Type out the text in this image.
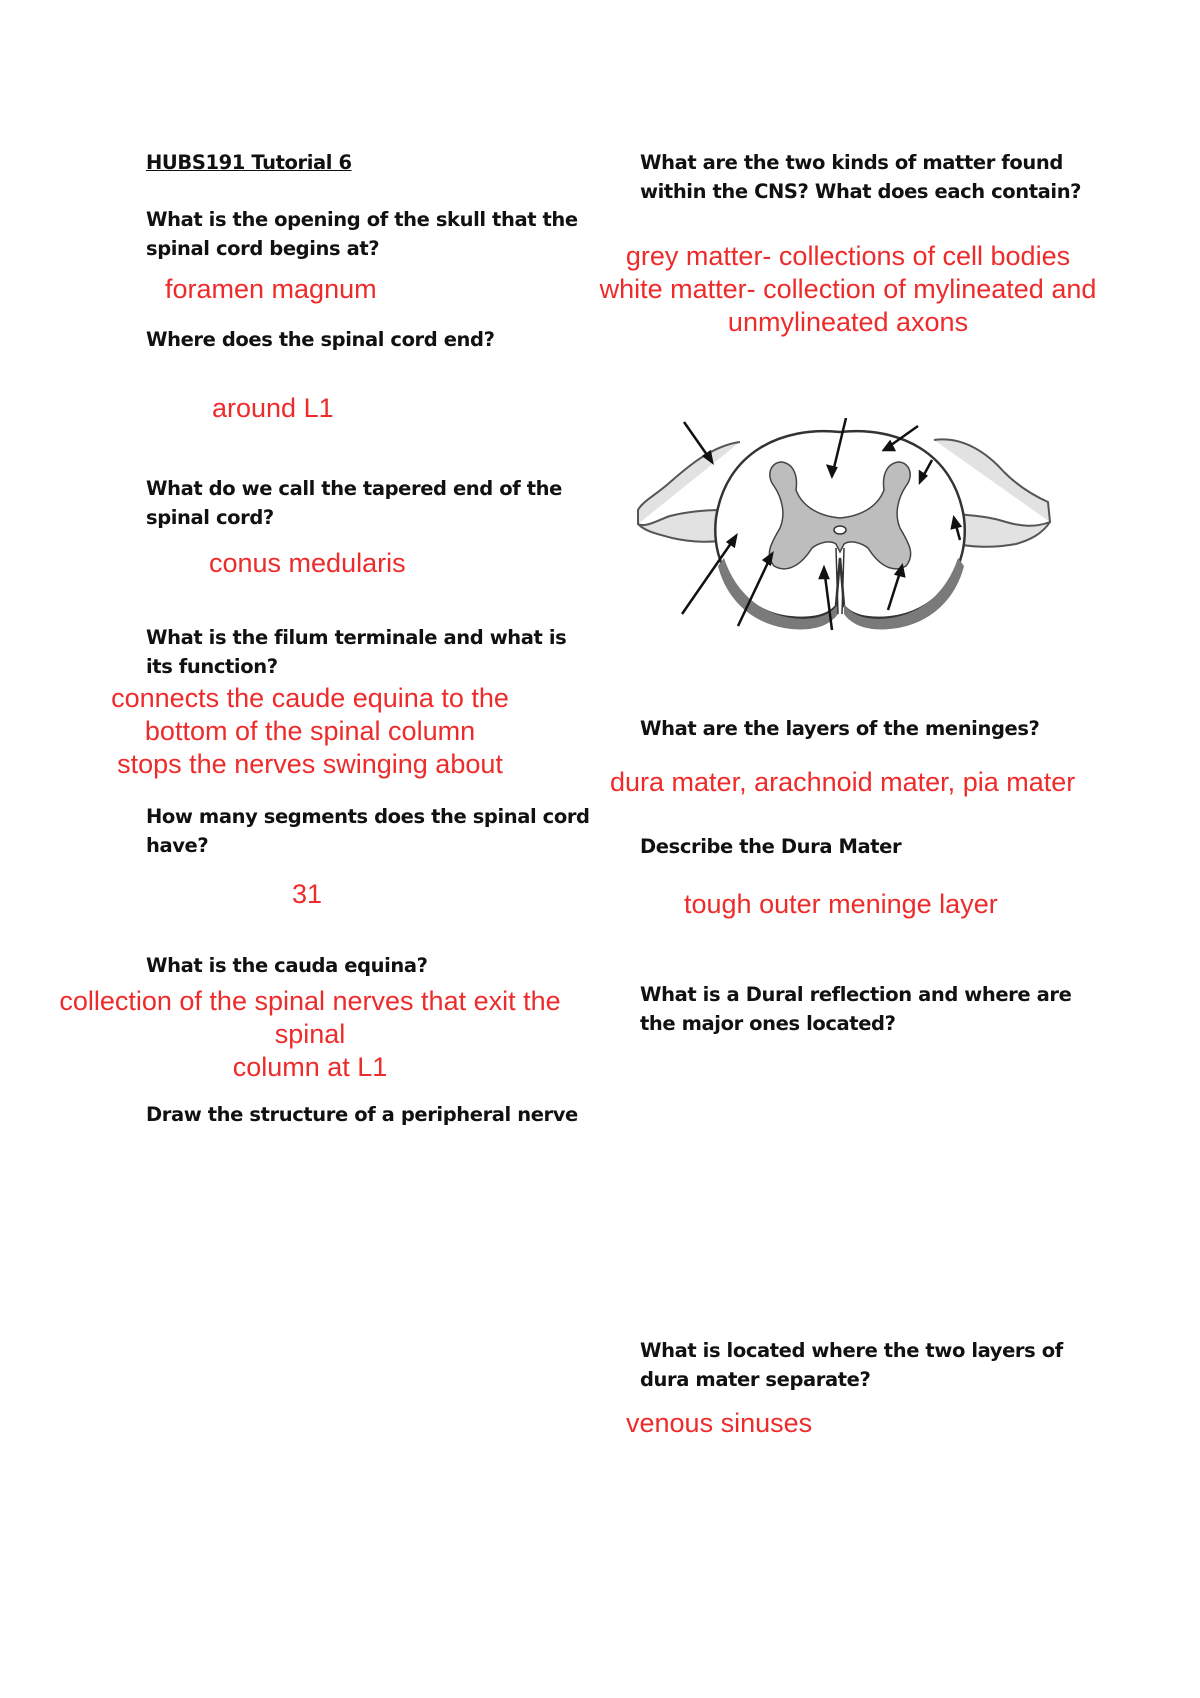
HUBS191 Tutorial 6
What is the opening of the skull that the
spinal cord begins at?
foramen magnum
Where does the spinal cord end?
around L1
What do we call the tapered end of the
spinal cord?
conus medularis
What is the filum terminale and what is
its function?
connects the caude equina to the
bottom of the spinal column
stops the nerves swinging about
How many segments does the spinal cord
have?
31
What is the cauda equina?
collection of the spinal nerves that exit the
spinal
column at L1
Draw the structure of a peripheral nerve
What are the two kinds of matter found
within the CNS? What does each contain?
grey matter- collections of cell bodies
white matter- collection of mylineated and
unmylineated axons
What are the layers of the meninges?
dura mater, arachnoid mater, pia mater
Describe the Dura Mater
tough outer meninge layer
What is a Dural reflection and where are
the major ones located?
What is located where the two layers of
dura mater separate?
venous sinuses
